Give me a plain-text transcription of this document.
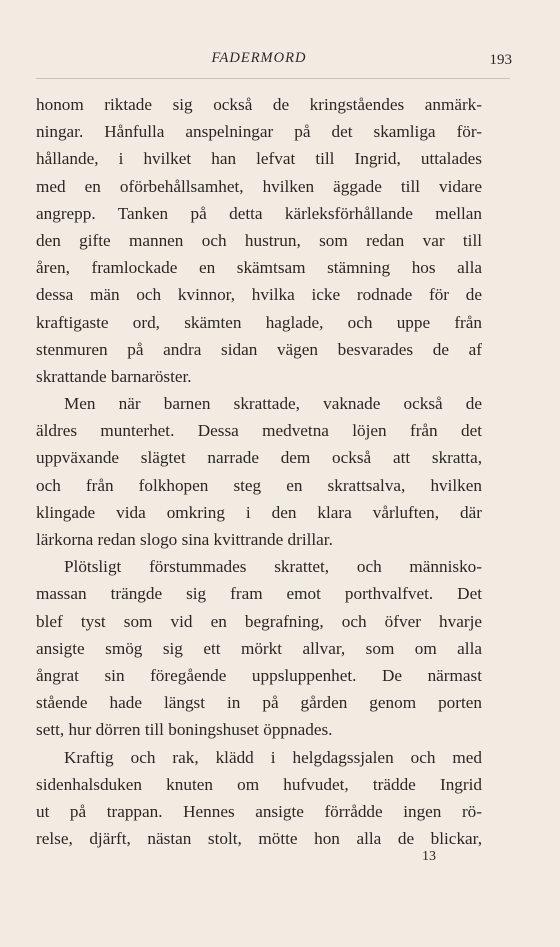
FADERMORD	193
honom riktade sig också de kringståendes anmärk-
ningar. Hånfulla anspelningar på det skamliga för-
hållande, i hvilket han lefvat till Ingrid, uttalades
med en oförbehållsamhet, hvilken äggade till vidare
angrepp. Tanken på detta kärleksförhållande mellan
den gifte mannen och hustrun, som redan var till
åren, framlockade en skämtsam stämning hos alla
dessa män och kvinnor, hvilka icke rodnade för de
kraftigaste ord, skämten haglade, och uppe från
stenmuren på andra sidan vägen besvarades de af
skrattande barnaröster.
Men när barnen skrattade, vaknade också de
äldres munterhet. Dessa medvetna löjen från det
uppväxande slägtet narrade dem också att skratta,
och från folkhopen steg en skrattsalva, hvilken
klingade vida omkring i den klara vårluften, där
lärkorna redan slogo sina kvittrande drillar.
Plötsligt förstummades skrattet, och människo-
massan trängde sig fram emot porthvalfvet. Det
blef tyst som vid en begrafning, och öfver hvarje
ansigte smög sig ett mörkt allvar, som om alla
ångrat sin föregående uppsluppenhet. De närmast
stående hade längst in på gården genom porten
sett, hur dörren till boningshuset öppnades.
Kraftig och rak, klädd i helgdagssjalen och med
sidenhalsduken knuten om hufvudet, trädde Ingrid
ut på trappan. Hennes ansigte förrådde ingen rö-
relse, djärft, nästan stolt, mötte hon alla de blickar,
13
